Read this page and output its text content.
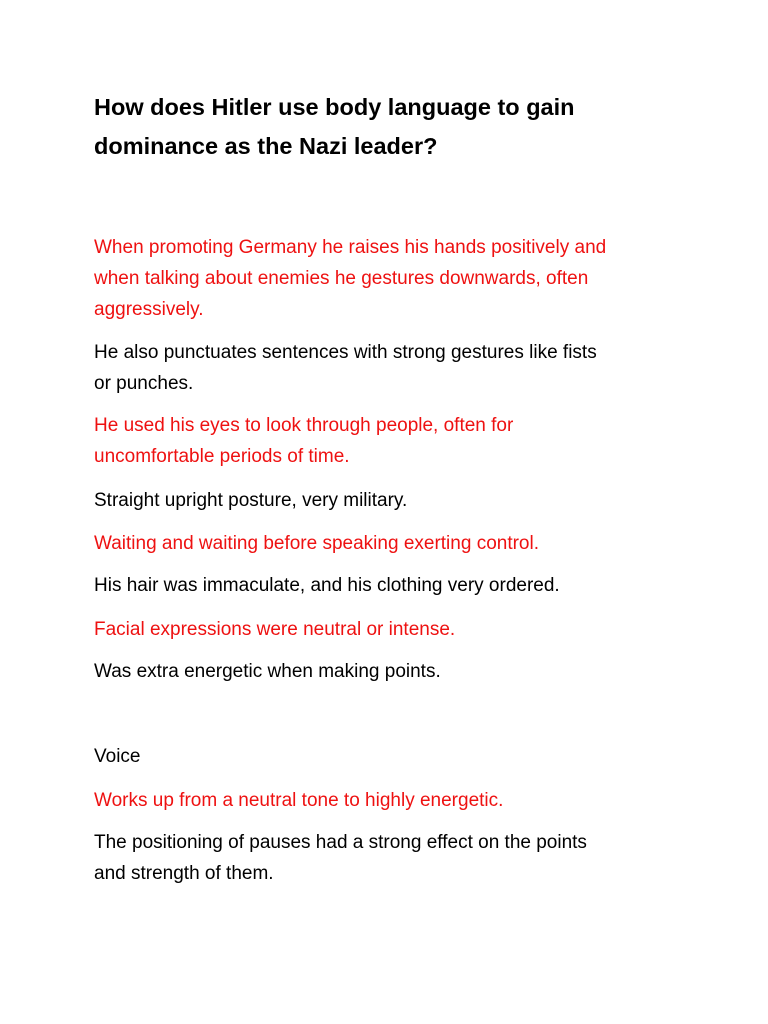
How does Hitler use body language to gain
dominance as the Nazi leader?

When promoting Germany he raises his hands positively and
when talking about enemies he gestures downwards, often
aggressively.

He also punctuates sentences with strong gestures like fists
or punches.

He used his eyes to look through people, often for
uncomfortable periods of time.

Straight upright posture, very military.

Waiting and waiting before speaking exerting control.

His hair was immaculate, and his clothing very ordered.

Facial expressions were neutral or intense.

Was extra energetic when making points.

Voice

Works up from a neutral tone to highly energetic.

The positioning of pauses had a strong effect on the points
and strength of them.
